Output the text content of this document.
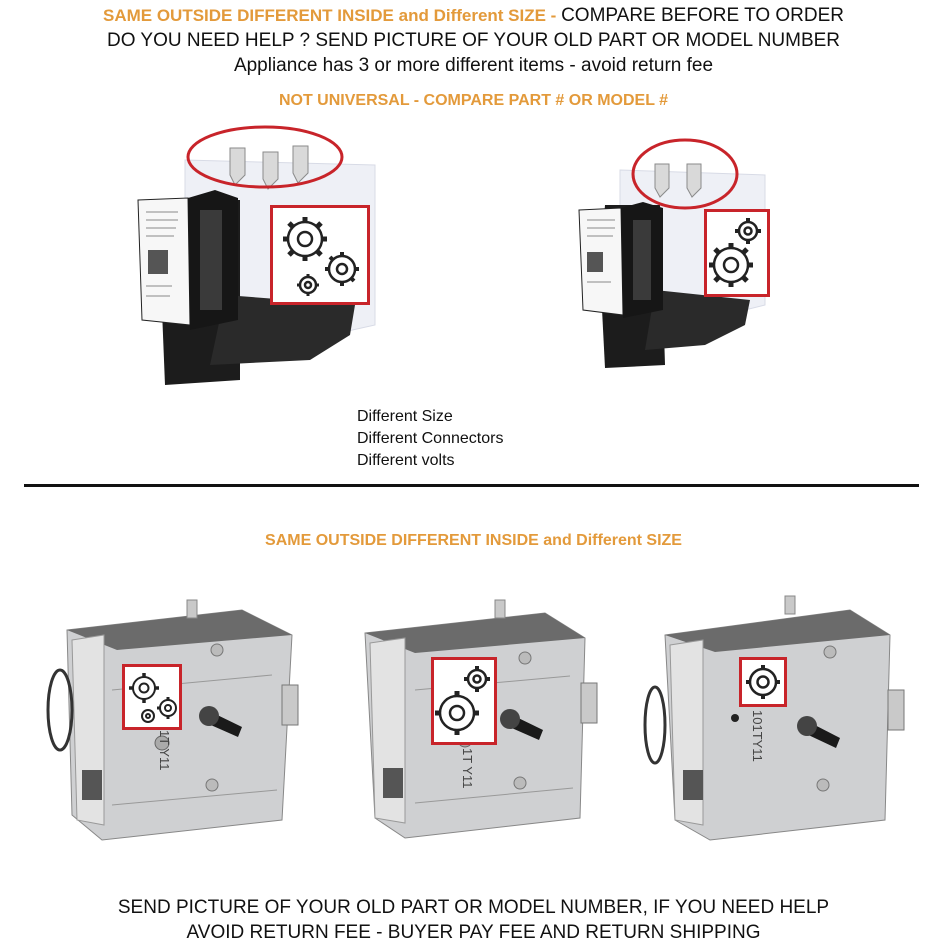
SAME OUTSIDE DIFFERENT INSIDE and Different SIZE - COMPARE BEFORE TO ORDER
DO YOU NEED HELP ? SEND PICTURE OF YOUR OLD PART OR MODEL NUMBER
Appliance has 3 or more different items - avoid return fee
NOT UNIVERSAL - COMPARE PART # OR MODEL #
Different Size
Different Connectors
Different volts
SAME OUTSIDE DIFFERENT INSIDE and Different SIZE
1T Y11	1T Y11
101TY11
SEND PICTURE OF YOUR OLD PART OR MODEL NUMBER, IF YOU NEED HELP
AVOID RETURN FEE - BUYER PAY FEE AND RETURN SHIPPING
